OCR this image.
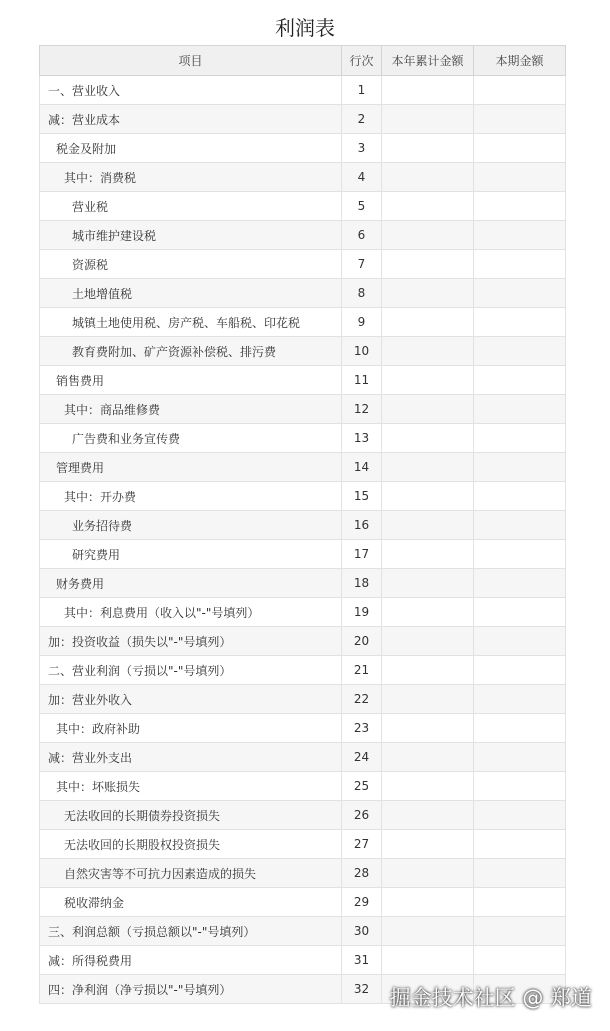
利润表
项目	行次	本年累计金额	本期金额
一、营业收入	1		
减：营业成本	2		
税金及附加	3		
其中：消费税	4		
营业税	5		
城市维护建设税	6		
资源税	7		
土地增值税	8		
城镇土地使用税、房产税、车船税、印花税	9		
教育费附加、矿产资源补偿税、排污费	10		
销售费用	11		
其中：商品维修费	12		
广告费和业务宣传费	13		
管理费用	14		
其中：开办费	15		
业务招待费	16		
研究费用	17		
财务费用	18		
其中：利息费用（收入以"-"号填列）	19		
加：投资收益（损失以"-"号填列）	20		
二、营业利润（亏损以"-"号填列）	21		
加：营业外收入	22		
其中：政府补助	23		
减：营业外支出	24		
其中：坏账损失	25		
无法收回的长期债券投资损失	26		
无法收回的长期股权投资损失	27		
自然灾害等不可抗力因素造成的损失	28		
税收滞纳金	29		
三、利润总额（亏损总额以"-"号填列）	30		
减：所得税费用	31		
四：净利润（净亏损以"-"号填列）	32		掘金技术社区 @ 郑道
